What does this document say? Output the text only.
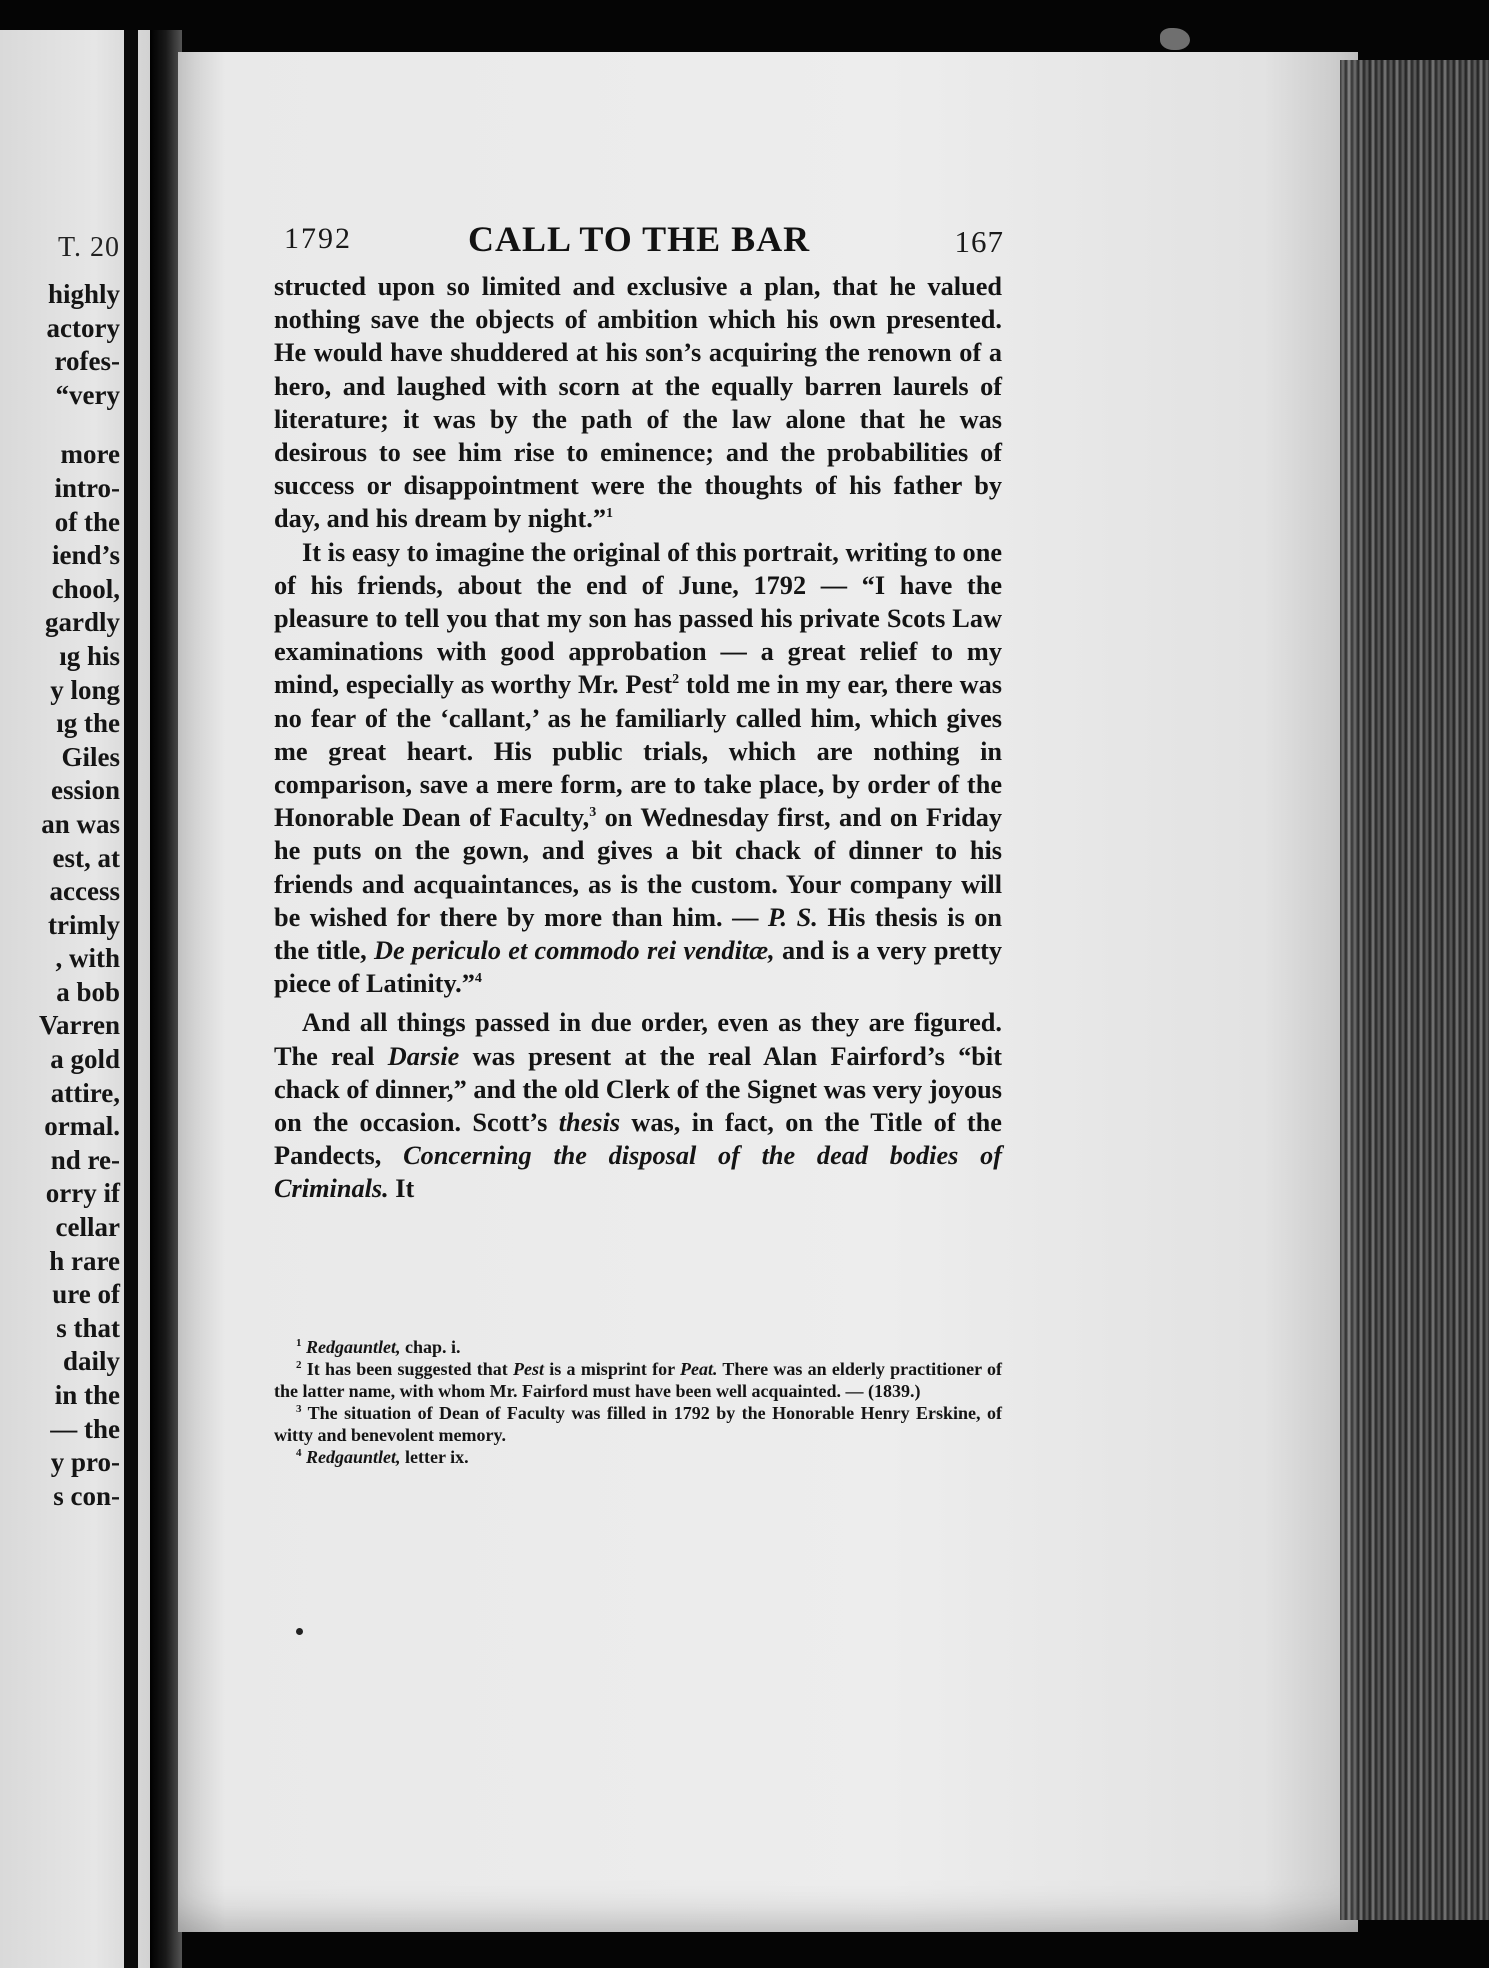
T. 20
highly
actory
rofes-
“very
more
intro-
of the
iend’s
chool,
gardly
ıg his
y long
ıg the
Giles
ession
an was
est, at
access
trimly
, with
a bob
Varren
a gold
attire,
ormal.
nd re-
orry if
cellar
h rare
ure of
s that
daily
in the
— the
y pro-
s con-
1792	CALL TO THE BAR	167

structed upon so limited and exclusive a plan, that he valued nothing save the objects of ambition which his own presented. He would have shuddered at his son’s acquiring the renown of a hero, and laughed with scorn at the equally barren laurels of literature; it was by the path of the law alone that he was desirous to see him rise to eminence; and the probabilities of success or disappointment were the thoughts of his father by day, and his dream by night.”$^1$

It is easy to imagine the original of this portrait, writing to one of his friends, about the end of June, 1792 — “I have the pleasure to tell you that my son has passed his private Scots Law examinations with good approbation — a great relief to my mind, especially as worthy Mr. Pest$^2$ told me in my ear, there was no fear of the ‘callant,’ as he familiarly called him, which gives me great heart. His public trials, which are nothing in comparison, save a mere form, are to take place, by order of the Honorable Dean of Faculty,$^3$ on Wednesday first, and on Friday he puts on the gown, and gives a bit chack of dinner to his friends and acquaintances, as is the custom. Your company will be wished for there by more than him. — P. S. His thesis is on the title, De periculo et commodo rei venditæ, and is a very pretty piece of Latinity.”$^4$

And all things passed in due order, even as they are figured. The real Darsie was present at the real Alan Fairford’s “bit chack of dinner,” and the old Clerk of the Signet was very joyous on the occasion. Scott’s thesis was, in fact, on the Title of the Pandects, Concerning the disposal of the dead bodies of Criminals. It

$^1$ Redgauntlet, chap. i.

$^2$ It has been suggested that Pest is a misprint for Peat. There was an elderly practitioner of the latter name, with whom Mr. Fairford must have been well acquainted. — (1839.)

$^3$ The situation of Dean of Faculty was filled in 1792 by the Honorable Henry Erskine, of witty and benevolent memory.

$^4$ Redgauntlet, letter ix.
